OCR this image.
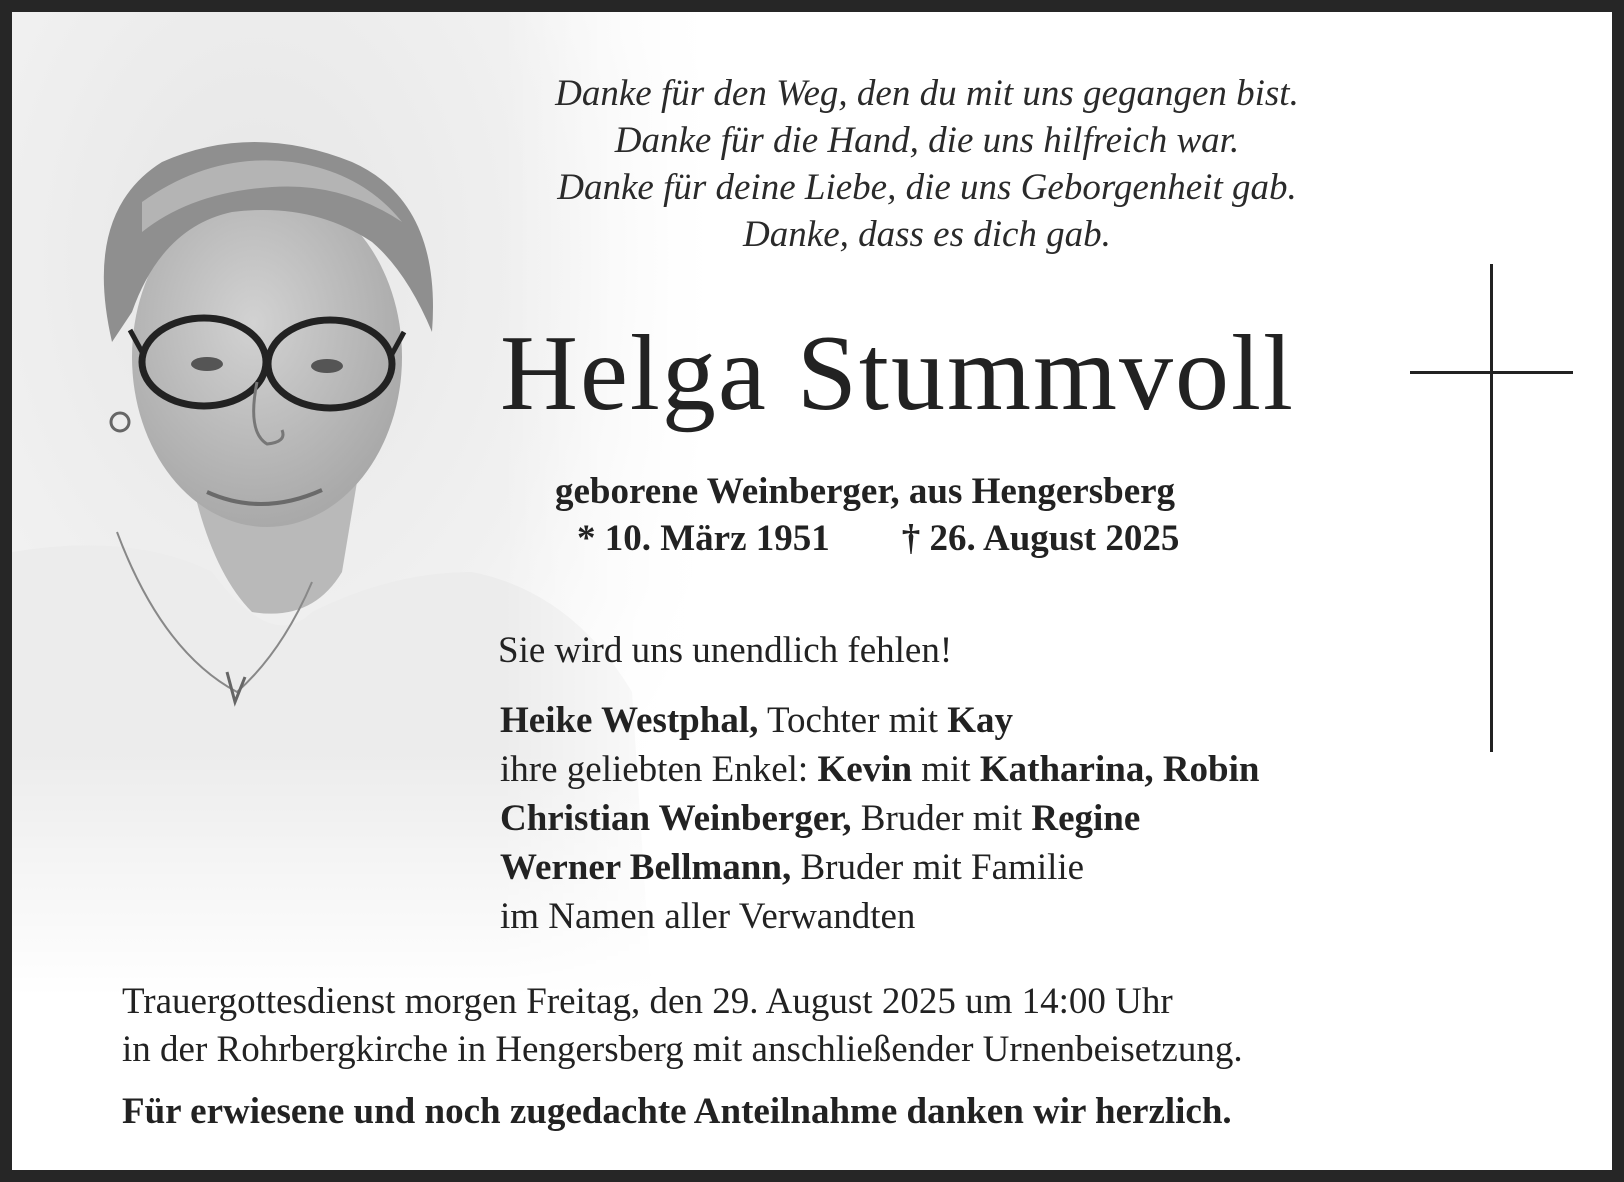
Danke für den Weg, den du mit uns gegangen bist.
Danke für die Hand, die uns hilfreich war.
Danke für deine Liebe, die uns Geborgenheit gab.
Danke, dass es dich gab.
Helga Stummvoll
geborene Weinberger, aus Hengersberg
* 10. März 1951 † 26. August 2025
Sie wird uns unendlich fehlen!
Heike Westphal, Tochter mit Kay
ihre geliebten Enkel: Kevin mit Katharina, Robin
Christian Weinberger, Bruder mit Regine
Werner Bellmann, Bruder mit Familie
im Namen aller Verwandten
Trauergottesdienst morgen Freitag, den 29. August 2025 um 14:00 Uhr
in der Rohrbergkirche in Hengersberg mit anschließender Urnenbeisetzung.
Für erwiesene und noch zugedachte Anteilnahme danken wir herzlich.
